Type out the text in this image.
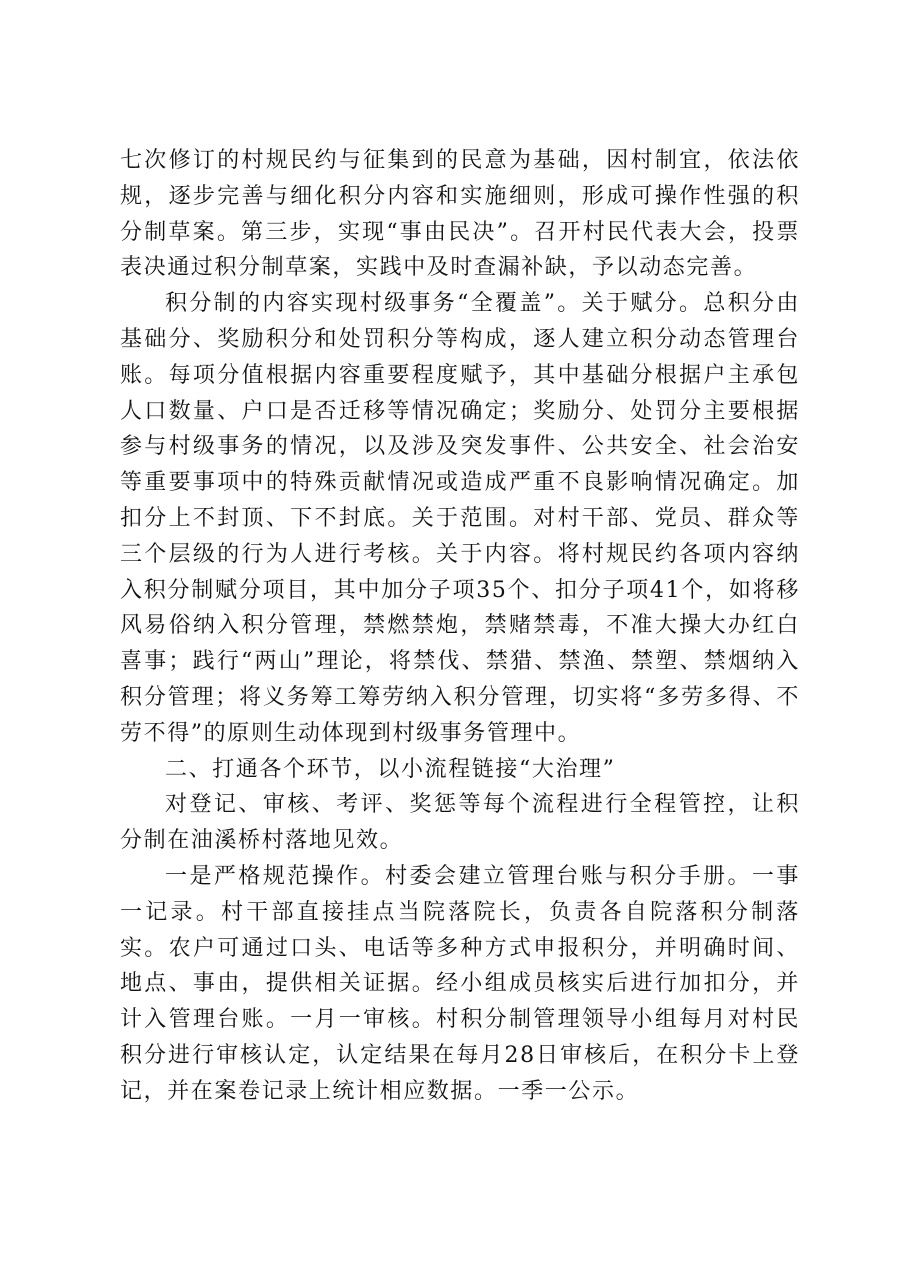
七次修订的村规民约与征集到的民意为基础，因村制宜，依法依规，逐步完善与细化积分内容和实施细则，形成可操作性强的积分制草案。第三步，实现“事由民决”。召开村民代表大会，投票表决通过积分制草案，实践中及时查漏补缺，予以动态完善。

积分制的内容实现村级事务“全覆盖”。关于赋分。总积分由基础分、奖励积分和处罚积分等构成，逐人建立积分动态管理台账。每项分值根据内容重要程度赋予，其中基础分根据户主承包人口数量、户口是否迁移等情况确定；奖励分、处罚分主要根据参与村级事务的情况，以及涉及突发事件、公共安全、社会治安等重要事项中的特殊贡献情况或造成严重不良影响情况确定。加扣分上不封顶、下不封底。关于范围。对村干部、党员、群众等三个层级的行为人进行考核。关于内容。将村规民约各项内容纳入积分制赋分项目，其中加分子项35个、扣分子项41个，如将移风易俗纳入积分管理，禁燃禁炮，禁赌禁毒，不准大操大办红白喜事；践行“两山”理论，将禁伐、禁猎、禁渔、禁塑、禁烟纳入积分管理；将义务筹工筹劳纳入积分管理，切实将“多劳多得、不劳不得”的原则生动体现到村级事务管理中。

二、打通各个环节，以小流程链接“大治理”

对登记、审核、考评、奖惩等每个流程进行全程管控，让积分制在油溪桥村落地见效。

一是严格规范操作。村委会建立管理台账与积分手册。一事一记录。村干部直接挂点当院落院长，负责各自院落积分制落实。农户可通过口头、电话等多种方式申报积分，并明确时间、地点、事由，提供相关证据。经小组成员核实后进行加扣分，并计入管理台账。一月一审核。村积分制管理领导小组每月对村民积分进行审核认定，认定结果在每月28日审核后，在积分卡上登记，并在案卷记录上统计相应数据。一季一公示。
